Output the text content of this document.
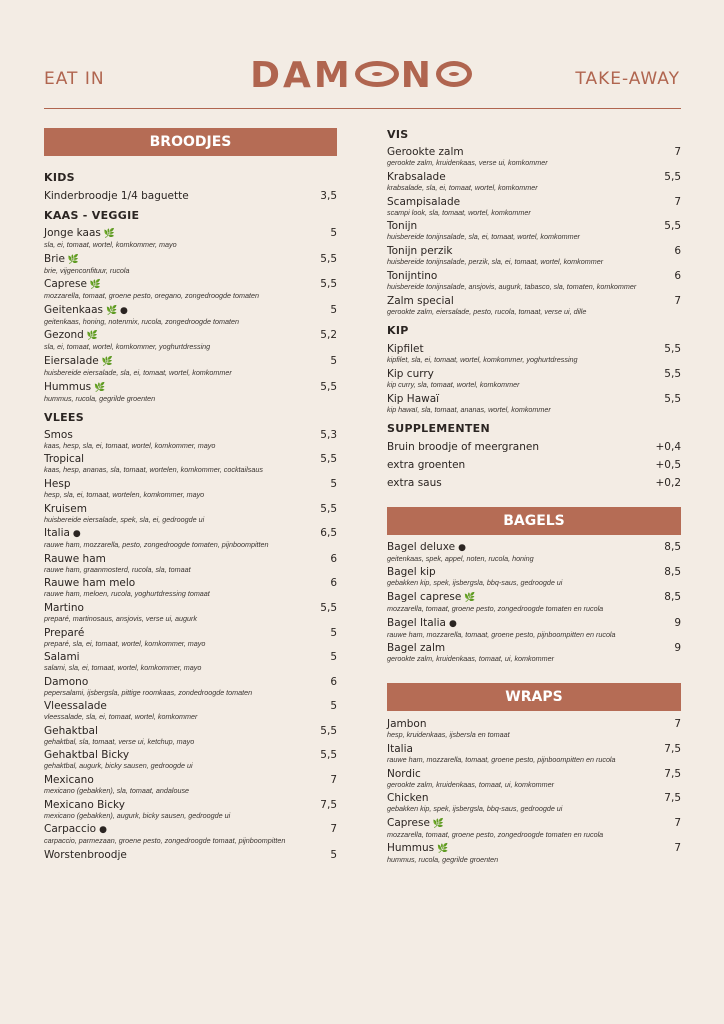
EAT IN	DAM N	TAKE-AWAY
BROODJES
KIDS
Kinderbroodje 1/4 baguette	3,5
KAAS - VEGGIE
Jonge kaas 🌿	5
sla, ei, tomaat, wortel, komkommer, mayo
Brie 🌿	5,5
brie, vijgenconfituur, rucola
Caprese 🌿	5,5
mozzarella, tomaat, groene pesto, oregano, zongedroogde tomaten
Geitenkaas 🌿 ●	5
geitenkaas, honing, notenmix, rucola, zongedroogde tomaten
Gezond 🌿	5,2
sla, ei, tomaat, wortel, komkommer, yoghurtdressing
Eiersalade 🌿	5
huisbereide eiersalade, sla, ei, tomaat, wortel, komkommer
Hummus 🌿	5,5
hummus, rucola, gegrilde groenten
VLEES
Smos	5,3
kaas, hesp, sla, ei, tomaat, wortel, komkommer, mayo
Tropical	5,5
kaas, hesp, ananas, sla, tomaat, wortelen, komkommer, cocktailsaus
Hesp	5
hesp, sla, ei, tomaat, wortelen, komkommer, mayo
Kruisem	5,5
huisbereide eiersalade, spek, sla, ei, gedroogde ui
Italia ●	6,5
rauwe ham, mozzarella, pesto, zongedroogde tomaten, pijnboompitten
Rauwe ham	6
rauwe ham, graanmosterd, rucola, sla, tomaat
Rauwe ham melo	6
rauwe ham, meloen, rucola, yoghurtdressing tomaat
Martino	5,5
preparé, martinosaus, ansjovis, verse ui, augurk
Preparé	5
preparé, sla, ei, tomaat, wortel, komkommer, mayo
Salami	5
salami, sla, ei, tomaat, wortel, komkommer, mayo
Damono	6
pepersalami, ijsbergsla, pittige roomkaas, zondedroogde tomaten
Vleessalade	5
vleessalade, sla, ei, tomaat, wortel, komkommer
Gehaktbal	5,5
gehaktbal, sla, tomaat, verse ui, ketchup, mayo
Gehaktbal Bicky	5,5
gehaktbal, augurk, bicky sausen, gedroogde ui
Mexicano	7
mexicano (gebakken), sla, tomaat, andalouse
Mexicano Bicky	7,5
mexicano (gebakken), augurk, bicky sausen, gedroogde ui
Carpaccio ●	7
carpaccio, parmezaan, groene pesto, zongedroogde tomaat, pijnboompitten
Worstenbroodje	5
VIS
Gerookte zalm	7
gerookte zalm, kruidenkaas, verse ui, komkommer
Krabsalade	5,5
krabsalade, sla, ei, tomaat, wortel, komkommer
Scampisalade	7
scampi look, sla, tomaat, wortel, komkommer
Tonijn	5,5
huisbereide tonijnsalade, sla, ei, tomaat, wortel, komkommer
Tonijn perzik	6
huisbereide tonijnsalade, perzik, sla, ei, tomaat, wortel, komkommer
Tonijntino	6
huisbereide tonijnsalade, ansjovis, augurk, tabasco, sla, tomaten, komkommer
Zalm special	7
gerookte zalm, eiersalade, pesto, rucola, tomaat, verse ui, dille
KIP
Kipfilet	5,5
kipfilet, sla, ei, tomaat, wortel, komkommer, yoghurtdressing
Kip curry	5,5
kip curry, sla, tomaat, wortel, komkommer
Kip Hawaï	5,5
kip hawaï, sla, tomaat, ananas, wortel, komkommer
SUPPLEMENTEN
Bruin broodje of meergranen	+0,4
extra groenten	+0,5
extra saus	+0,2
BAGELS
Bagel deluxe ●	8,5
geitenkaas, spek, appel, noten, rucola, honing
Bagel kip	8,5
gebakken kip, spek, ijsbergsla, bbq-saus, gedroogde ui
Bagel caprese 🌿	8,5
mozzarella, tomaat, groene pesto, zongedroogde tomaten en rucola
Bagel Italia ●	9
rauwe ham, mozzarella, tomaat, groene pesto, pijnboompitten en rucola
Bagel zalm	9
gerookte zalm, kruidenkaas, tomaat, ui, komkommer
WRAPS
Jambon	7
hesp, kruidenkaas, ijsbersla en tomaat
Italia	7,5
rauwe ham, mozzarella, tomaat, groene pesto, pijnboompitten en rucola
Nordic	7,5
gerookte zalm, kruidenkaas, tomaat, ui, komkommer
Chicken	7,5
gebakken kip, spek, ijsbergsla, bbq-saus, gedroogde ui
Caprese 🌿	7
mozzarella, tomaat, groene pesto, zongedroogde tomaten en rucola
Hummus 🌿	7
hummus, rucola, gegrilde groenten
